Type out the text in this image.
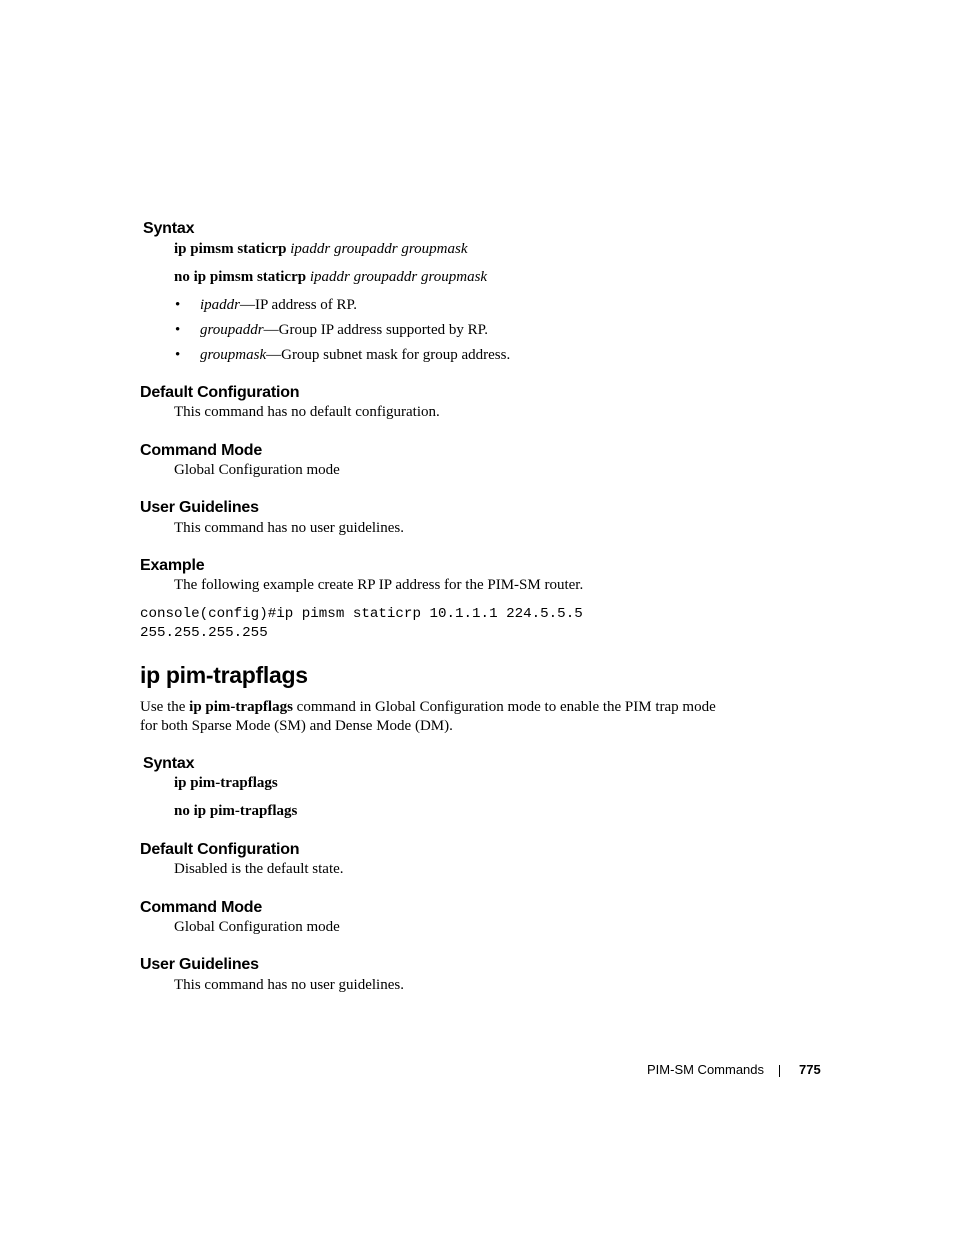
Syntax
ip pimsm staticrp ipaddr groupaddr groupmask
no ip pimsm staticrp ipaddr groupaddr groupmask
• ipaddr—IP address of RP.
• groupaddr—Group IP address supported by RP.
• groupmask—Group subnet mask for group address.
Default Configuration
This command has no default configuration.
Command Mode
Global Configuration mode
User Guidelines
This command has no user guidelines.
Example
The following example create RP IP address for the PIM-SM router.
console(config)#ip pimsm staticrp 10.1.1.1 224.5.5.5
255.255.255.255
ip pim-trapflags
Use the ip pim-trapflags command in Global Configuration mode to enable the PIM trap mode
for both Sparse Mode (SM) and Dense Mode (DM).
Syntax
ip pim-trapflags
no ip pim-trapflags
Default Configuration
Disabled is the default state.
Command Mode
Global Configuration mode
User Guidelines
This command has no user guidelines.
PIM-SM Commands	775
